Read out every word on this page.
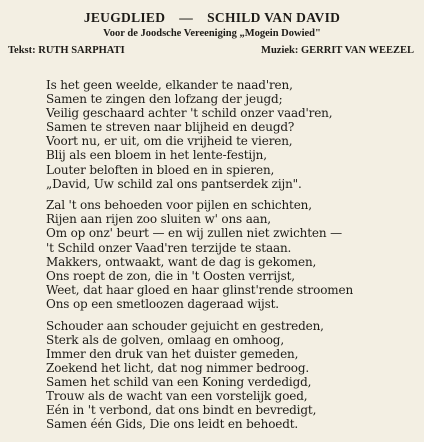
JEUGDLIED — SCHILD VAN DAVID
Voor de Joodsche Vereeniging „Mogein Dowied"
Tekst: RUTH SARPHATI	Muziek: GERRIT VAN WEEZEL
Is het geen weelde, elkander te naad'ren,
Samen te zingen den lofzang der jeugd;
Veilig geschaard achter 't schild onzer vaad'ren,
Samen te streven naar blijheid en deugd?
Voort nu, er uit, om die vrijheid te vieren,
Blij als een bloem in het lente-festijn,
Louter beloften in bloed en in spieren,
„David, Uw schild zal ons pantserdek zijn".
Zal 't ons behoeden voor pijlen en schichten,
Rijen aan rijen zoo sluiten w' ons aan,
Om op onz' beurt — en wij zullen niet zwichten —
't Schild onzer Vaad'ren terzijde te staan.
Makkers, ontwaakt, want de dag is gekomen,
Ons roept de zon, die in 't Oosten verrijst,
Weet, dat haar gloed en haar glinst'rende stroomen
Ons op een smetloozen dageraad wijst.
Schouder aan schouder gejuicht en gestreden,
Sterk als de golven, omlaag en omhoog,
Immer den druk van het duister gemeden,
Zoekend het licht, dat nog nimmer bedroog.
Samen het schild van een Koning verdedigd,
Trouw als de wacht van een vorstelijk goed,
Eén in 't verbond, dat ons bindt en bevredigt,
Samen één Gids, Die ons leidt en behoedt.
